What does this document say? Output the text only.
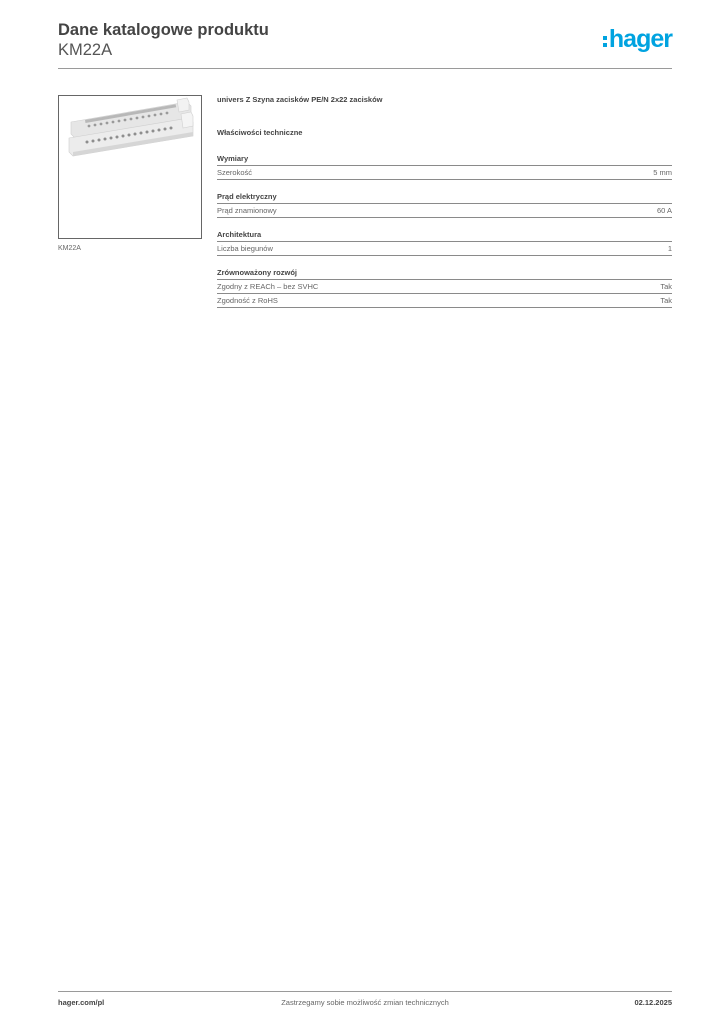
Dane katalogowe produktu
KM22A	hager
KM22A
univers Z Szyna zacisków PE/N 2x22 zacisków
Właściwości techniczne
Wymiary
Szerokość	5 mm
Prąd elektryczny
Prąd znamionowy	60 A
Architektura
Liczba biegunów	1
Zrównoważony rozwój
Zgodny z REACh – bez SVHC	Tak
Zgodność z RoHS	Tak
hager.com/pl	Zastrzegamy sobie możliwość zmian technicznych	02.12.2025
